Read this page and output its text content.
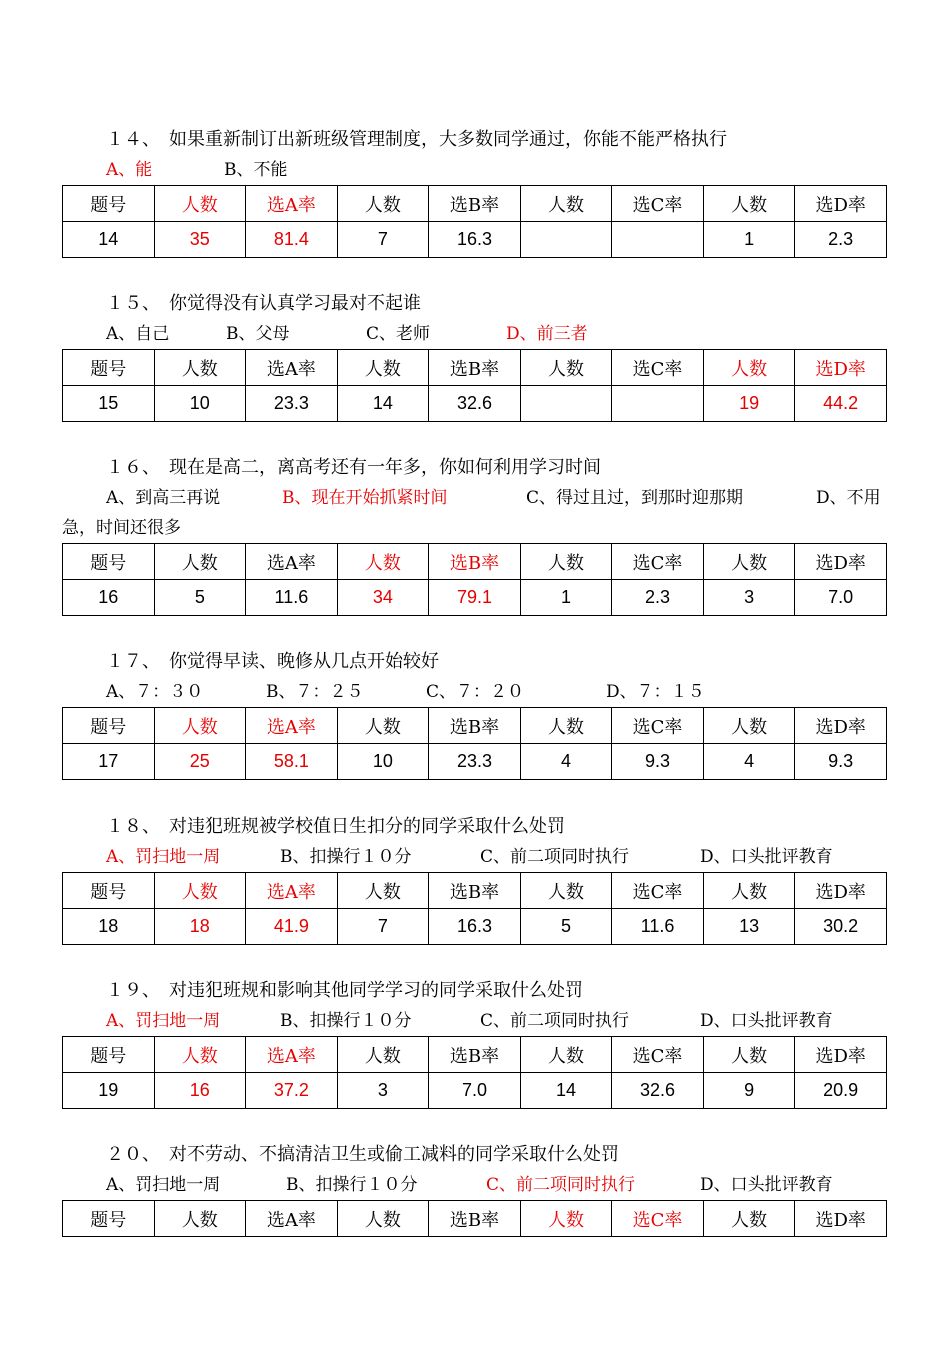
１４、　如果重新制订出新班级管理制度，大多数同学通过，你能不能严格执行
A、能	B、不能
题号	人数	选A率	人数	选B率	人数	选C率	人数	选D率
14	35	81.4	7	16.3			1	2.3
１５、　你觉得没有认真学习最对不起谁
A、自己	B、父母	C、老师	D、前三者
题号	人数	选A率	人数	选B率	人数	选C率	人数	选D率
15	10	23.3	14	32.6			19	44.2
１６、　现在是高二，离高考还有一年多，你如何利用学习时间
A、到高三再说	B、现在开始抓紧时间	C、得过且过，到那时迎那期	D、不用急，时间还很多
题号	人数	选A率	人数	选B率	人数	选C率	人数	选D率
16	5	11.6	34	79.1	1	2.3	3	7.0
１７、　你觉得早读、晚修从几点开始较好
A、７：３０	B、７：２５	C、７：２０	D、７：１５
题号	人数	选A率	人数	选B率	人数	选C率	人数	选D率
17	25	58.1	10	23.3	4	9.3	4	9.3
１８、　对违犯班规被学校值日生扣分的同学采取什么处罚
A、罚扫地一周	B、扣操行１０分	C、前二项同时执行	D、口头批评教育
题号	人数	选A率	人数	选B率	人数	选C率	人数	选D率
18	18	41.9	7	16.3	5	11.6	13	30.2
１９、　对违犯班规和影响其他同学学习的同学采取什么处罚
A、罚扫地一周	B、扣操行１０分	C、前二项同时执行	D、口头批评教育
题号	人数	选A率	人数	选B率	人数	选C率	人数	选D率
19	16	37.2	3	7.0	14	32.6	9	20.9
２０、　对不劳动、不搞清洁卫生或偷工减料的同学采取什么处罚
A、罚扫地一周	B、扣操行１０分	C、前二项同时执行	D、口头批评教育
题号	人数	选A率	人数	选B率	人数	选C率	人数	选D率
